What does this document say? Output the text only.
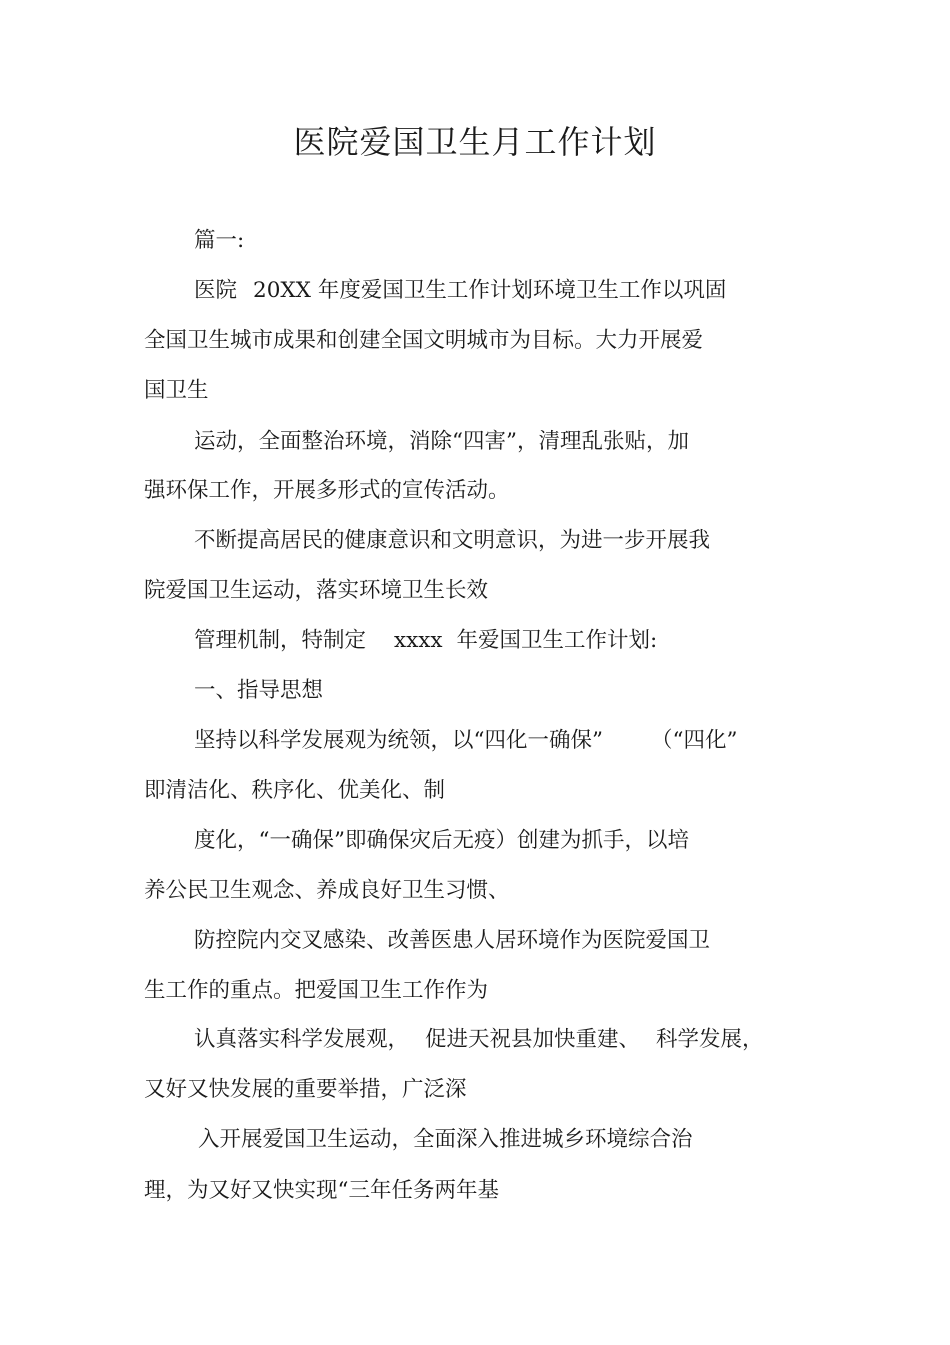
医院爱国卫生月工作计划
篇一:
医院 20XX 年度爱国卫生工作计划环境卫生工作以巩固
全国卫生城市成果和创建全国文明城市为目标。大力开展爱
国卫生
运动，全面整治环境，消除“四害”，清理乱张贴，加
强环保工作，开展多形式的宣传活动。
不断提高居民的健康意识和文明意识，为进一步开展我
院爱国卫生运动，落实环境卫生长效
管理机制，特制定 xxxx 年爱国卫生工作计划:
一、指导思想
坚持以科学发展观为统领，以“四化一确保” （“四化”
即清洁化、秩序化、优美化、制
度化，“一确保”即确保灾后无疫）创建为抓手，以培
养公民卫生观念、养成良好卫生习惯、
防控院内交叉感染、改善医患人居环境作为医院爱国卫
生工作的重点。把爱国卫生工作作为
认真落实科学发展观， 促进天祝县加快重建、 科学发展，
又好又快发展的重要举措，广泛深
入开展爱国卫生运动，全面深入推进城乡环境综合治
理，为又好又快实现“三年任务两年基
